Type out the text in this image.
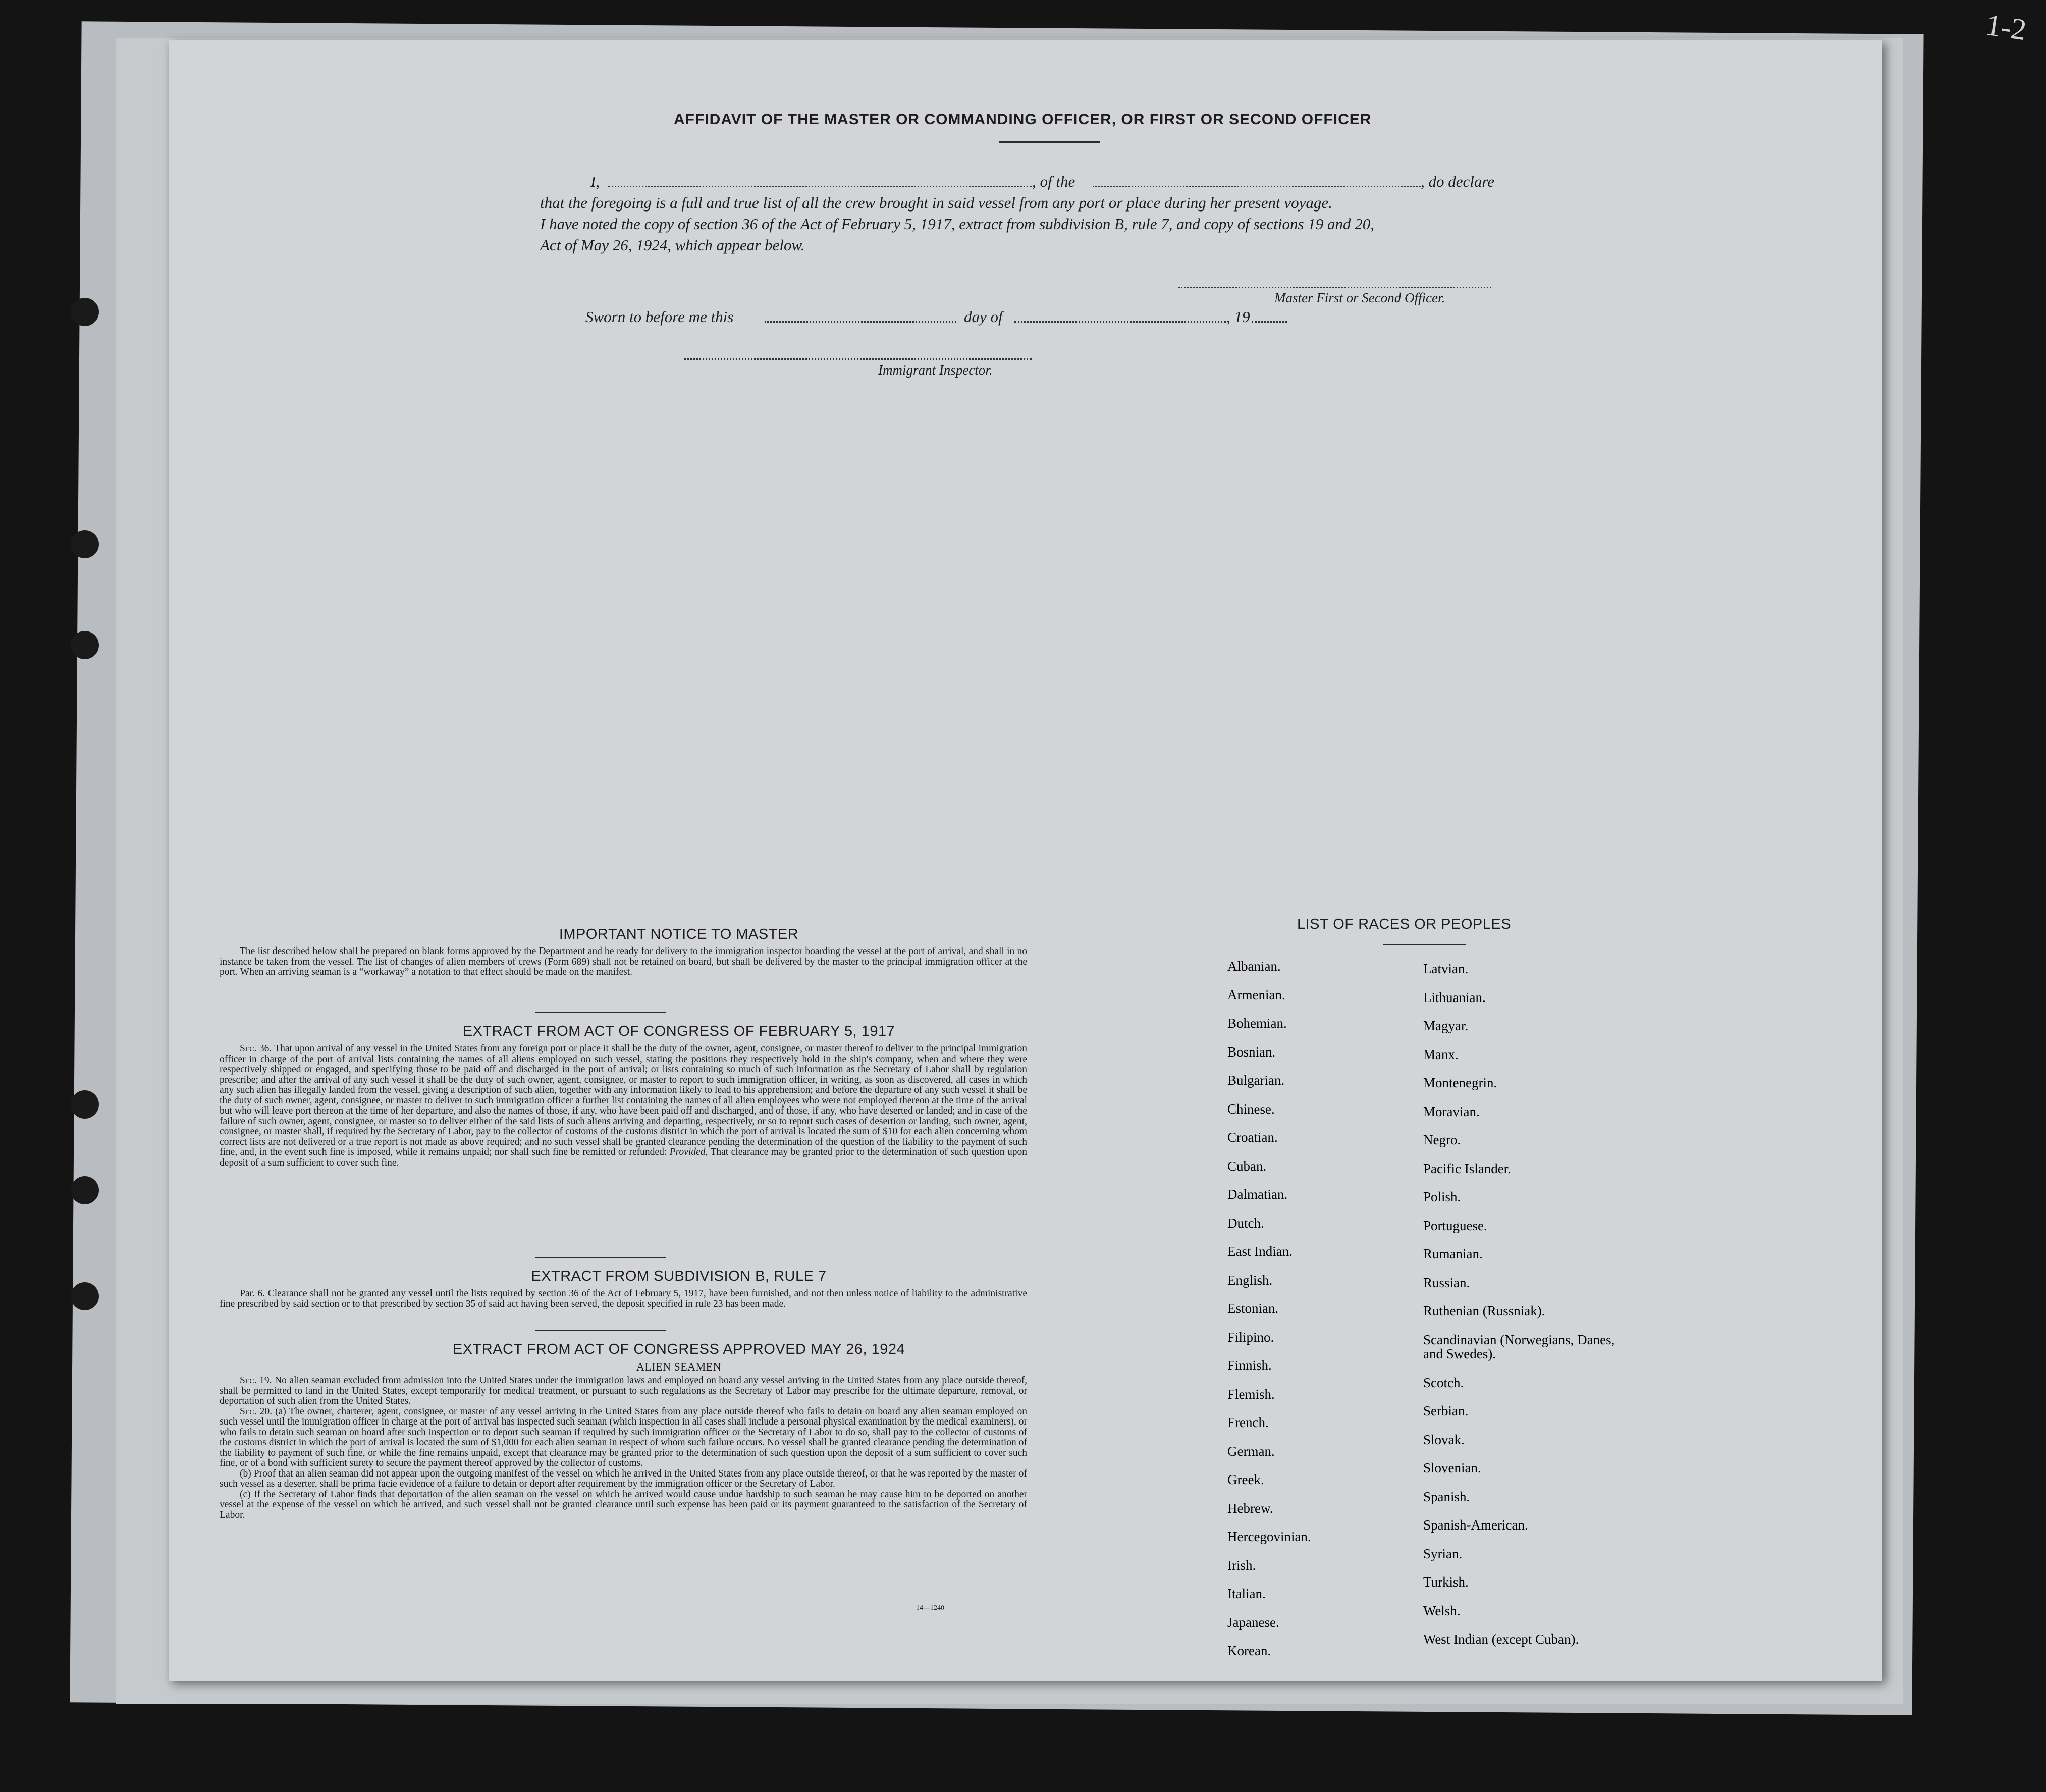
1-2
AFFIDAVIT OF THE MASTER OR COMMANDING OFFICER, OR FIRST OR SECOND OFFICER
I,	, of the	, do declare
that the foregoing is a full and true list of all the crew brought in said vessel from any port or place during her present voyage.
I have noted the copy of section 36 of the Act of February 5, 1917, extract from subdivision B, rule 7, and copy of sections 19 and 20,
Act of May 26, 1924, which appear below.
Master First or Second Officer.
Sworn to before me this	day of	, 19
Immigrant Inspector.
IMPORTANT NOTICE TO MASTER

The list described below shall be prepared on blank forms approved by the Department and be ready for delivery to the immigration inspector boarding the vessel at the port of arrival, and shall in no instance be taken from the vessel. The list of changes of alien members of crews (Form 689) shall not be retained on board, but shall be delivered by the master to the principal immigration officer at the port. When an arriving seaman is a “workaway” a notation to that effect should be made on the manifest.

EXTRACT FROM ACT OF CONGRESS OF FEBRUARY 5, 1917

Sec. 36. That upon arrival of any vessel in the United States from any foreign port or place it shall be the duty of the owner, agent, consignee, or master thereof to deliver to the principal immigration officer in charge of the port of arrival lists containing the names of all aliens employed on such vessel, stating the positions they respectively hold in the ship's company, when and where they were respectively shipped or engaged, and specifying those to be paid off and discharged in the port of arrival; or lists containing so much of such information as the Secretary of Labor shall by regulation prescribe; and after the arrival of any such vessel it shall be the duty of such owner, agent, consignee, or master to report to such immigration officer, in writing, as soon as discovered, all cases in which any such alien has illegally landed from the vessel, giving a description of such alien, together with any information likely to lead to his apprehension; and before the departure of any such vessel it shall be the duty of such owner, agent, consignee, or master to deliver to such immigration officer a further list containing the names of all alien employees who were not employed thereon at the time of the arrival but who will leave port thereon at the time of her departure, and also the names of those, if any, who have been paid off and discharged, and of those, if any, who have deserted or landed; and in case of the failure of such owner, agent, consignee, or master so to deliver either of the said lists of such aliens arriving and departing, respectively, or so to report such cases of desertion or landing, such owner, agent, consignee, or master shall, if required by the Secretary of Labor, pay to the collector of customs of the customs district in which the port of arrival is located the sum of $10 for each alien concerning whom correct lists are not delivered or a true report is not made as above required; and no such vessel shall be granted clearance pending the determination of the question of the liability to the payment of such fine, and, in the event such fine is imposed, while it remains unpaid; nor shall such fine be remitted or refunded: Provided, That clearance may be granted prior to the determination of such question upon deposit of a sum sufficient to cover such fine.

EXTRACT FROM SUBDIVISION B, RULE 7

Par. 6. Clearance shall not be granted any vessel until the lists required by section 36 of the Act of February 5, 1917, have been furnished, and not then unless notice of liability to the administrative fine prescribed by said section or to that prescribed by section 35 of said act having been served, the deposit specified in rule 23 has been made.

EXTRACT FROM ACT OF CONGRESS APPROVED MAY 26, 1924
ALIEN SEAMEN

Sec. 19. No alien seaman excluded from admission into the United States under the immigration laws and employed on board any vessel arriving in the United States from any place outside thereof, shall be permitted to land in the United States, except temporarily for medical treatment, or pursuant to such regulations as the Secretary of Labor may prescribe for the ultimate departure, removal, or deportation of such alien from the United States.

Sec. 20. (a) The owner, charterer, agent, consignee, or master of any vessel arriving in the United States from any place outside thereof who fails to detain on board any alien seaman employed on such vessel until the immigration officer in charge at the port of arrival has inspected such seaman (which inspection in all cases shall include a personal physical examination by the medical examiners), or who fails to detain such seaman on board after such inspection or to deport such seaman if required by such immigration officer or the Secretary of Labor to do so, shall pay to the collector of customs of the customs district in which the port of arrival is located the sum of $1,000 for each alien seaman in respect of whom such failure occurs. No vessel shall be granted clearance pending the determination of the liability to payment of such fine, or while the fine remains unpaid, except that clearance may be granted prior to the determination of such question upon the deposit of a sum sufficient to cover such fine, or of a bond with sufficient surety to secure the payment thereof approved by the collector of customs.

(b) Proof that an alien seaman did not appear upon the outgoing manifest of the vessel on which he arrived in the United States from any place outside thereof, or that he was reported by the master of such vessel as a deserter, shall be prima facie evidence of a failure to detain or deport after requirement by the immigration officer or the Secretary of Labor.

(c) If the Secretary of Labor finds that deportation of the alien seaman on the vessel on which he arrived would cause undue hardship to such seaman he may cause him to be deported on another vessel at the expense of the vessel on which he arrived, and such vessel shall not be granted clearance until such expense has been paid or its payment guaranteed to the satisfaction of the Secretary of Labor.

14—1240
LIST OF RACES OR PEOPLES
Albanian.
Armenian.
Bohemian.
Bosnian.
Bulgarian.
Chinese.
Croatian.
Cuban.
Dalmatian.
Dutch.
East Indian.
English.
Estonian.
Filipino.
Finnish.
Flemish.
French.
German.
Greek.
Hebrew.
Hercegovinian.
Irish.
Italian.
Japanese.
Korean.
Latvian.
Lithuanian.
Magyar.
Manx.
Montenegrin.
Moravian.
Negro.
Pacific Islander.
Polish.
Portuguese.
Rumanian.
Russian.
Ruthenian (Russniak).
Scandinavian (Norwegians, Danes, and Swedes).
Scotch.
Serbian.
Slovak.
Slovenian.
Spanish.
Spanish-American.
Syrian.
Turkish.
Welsh.
West Indian (except Cuban).
